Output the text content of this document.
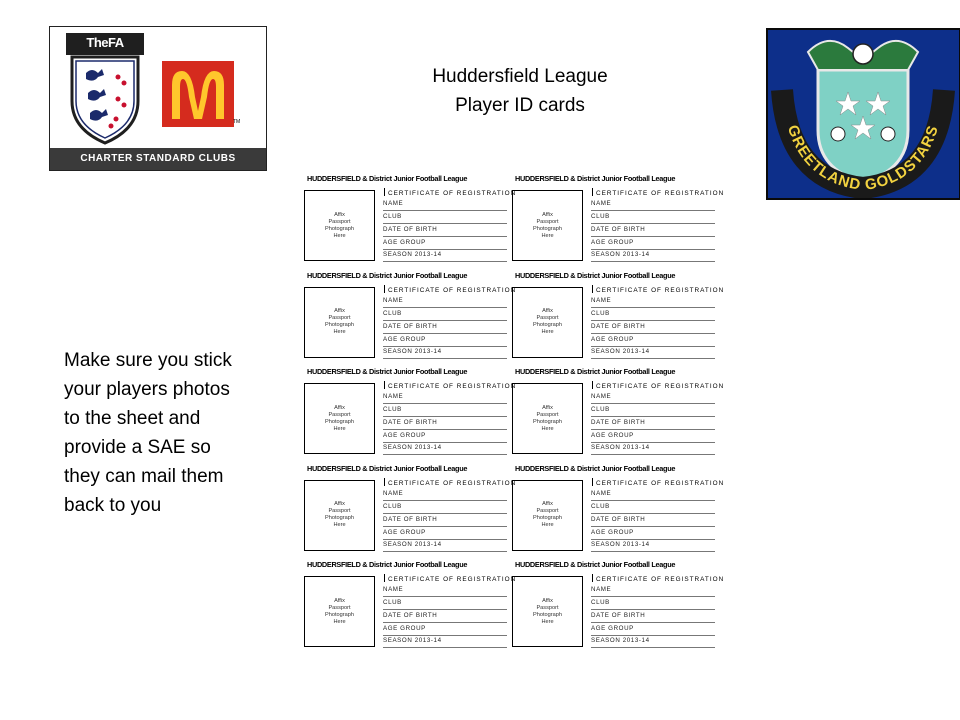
TheFA
TM
CHARTER STANDARD CLUBS
Huddersfield League
Player ID cards
GREETLAND GOLDSTARS
Make sure you stick
your players photos
to the sheet and
provide a SAE so
they can mail them
back to you
HUDDERSFIELD & District Junior Football League
Affix
Passport
Photograph
Here
CERTIFICATE OF REGISTRATION
NAME
CLUB
DATE OF BIRTH
AGE GROUP
SEASON 2013-14
HUDDERSFIELD & District Junior Football League
Affix
Passport
Photograph
Here
CERTIFICATE OF REGISTRATION
NAME
CLUB
DATE OF BIRTH
AGE GROUP
SEASON 2013-14
HUDDERSFIELD & District Junior Football League
Affix
Passport
Photograph
Here
CERTIFICATE OF REGISTRATION
NAME
CLUB
DATE OF BIRTH
AGE GROUP
SEASON 2013-14
HUDDERSFIELD & District Junior Football League
Affix
Passport
Photograph
Here
CERTIFICATE OF REGISTRATION
NAME
CLUB
DATE OF BIRTH
AGE GROUP
SEASON 2013-14
HUDDERSFIELD & District Junior Football League
Affix
Passport
Photograph
Here
CERTIFICATE OF REGISTRATION
NAME
CLUB
DATE OF BIRTH
AGE GROUP
SEASON 2013-14
HUDDERSFIELD & District Junior Football League
Affix
Passport
Photograph
Here
CERTIFICATE OF REGISTRATION
NAME
CLUB
DATE OF BIRTH
AGE GROUP
SEASON 2013-14
HUDDERSFIELD & District Junior Football League
Affix
Passport
Photograph
Here
CERTIFICATE OF REGISTRATION
NAME
CLUB
DATE OF BIRTH
AGE GROUP
SEASON 2013-14
HUDDERSFIELD & District Junior Football League
Affix
Passport
Photograph
Here
CERTIFICATE OF REGISTRATION
NAME
CLUB
DATE OF BIRTH
AGE GROUP
SEASON 2013-14
HUDDERSFIELD & District Junior Football League
Affix
Passport
Photograph
Here
CERTIFICATE OF REGISTRATION
NAME
CLUB
DATE OF BIRTH
AGE GROUP
SEASON 2013-14
HUDDERSFIELD & District Junior Football League
Affix
Passport
Photograph
Here
CERTIFICATE OF REGISTRATION
NAME
CLUB
DATE OF BIRTH
AGE GROUP
SEASON 2013-14
